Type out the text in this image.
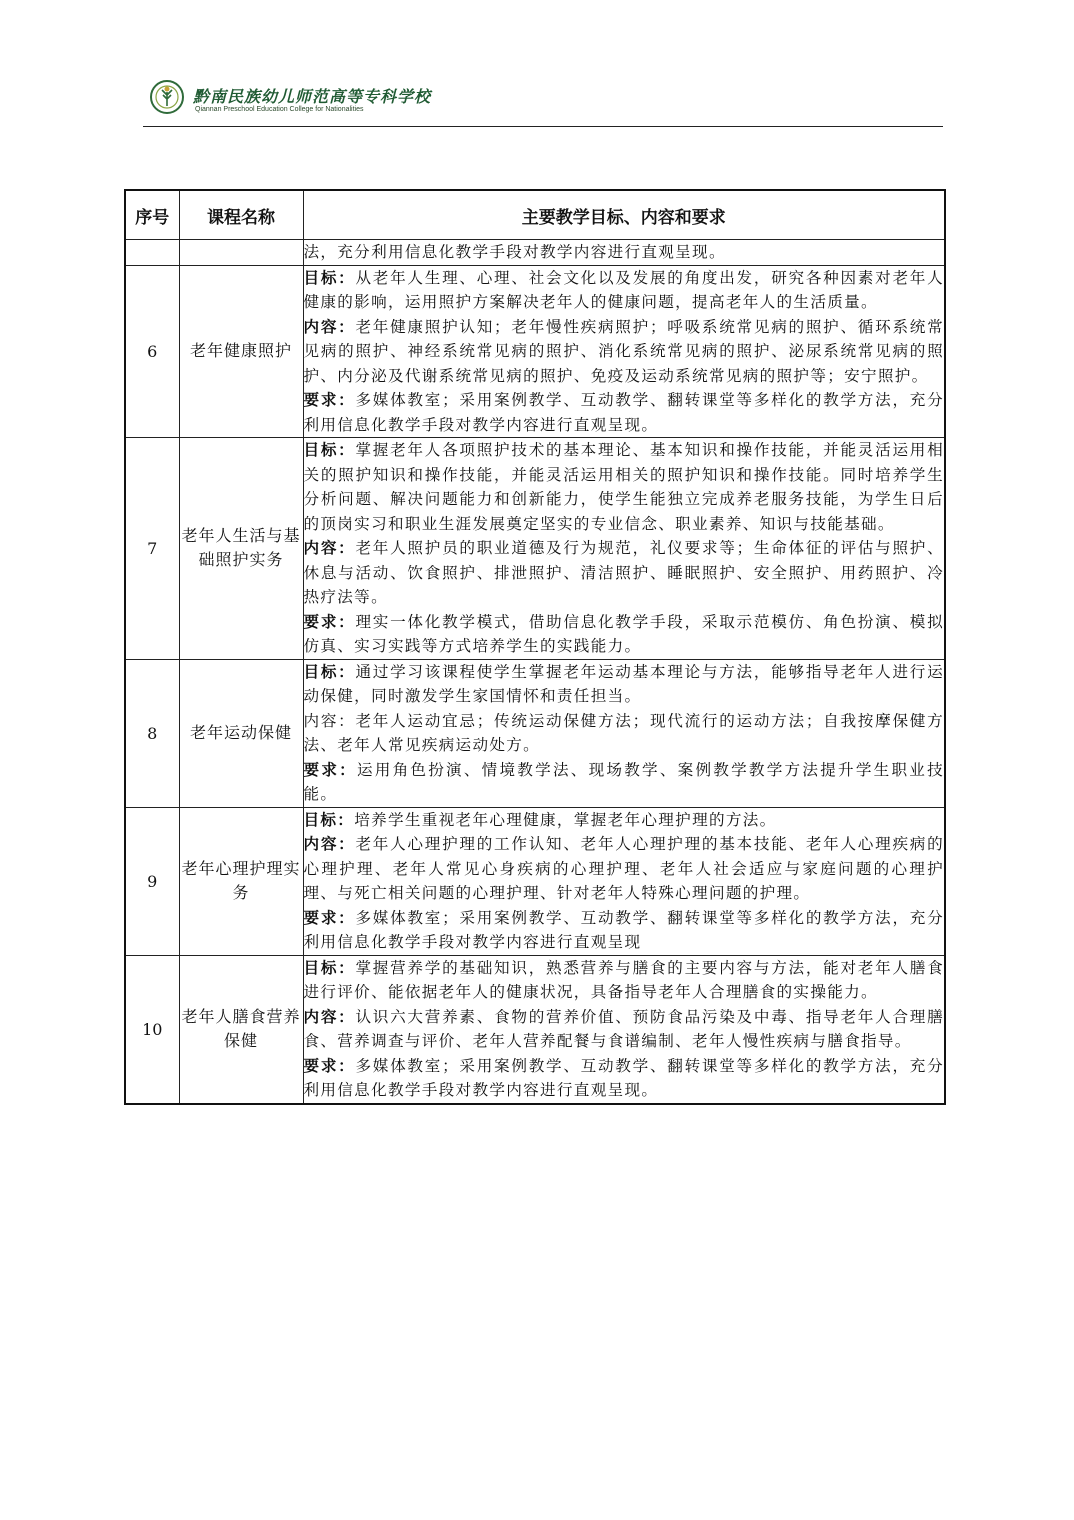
黔南民族幼儿师范高等专科学校
Qiannan Preschool Education College for Nationalities
序号	课程名称	主要教学目标、内容和要求
		法，充分利用信息化教学手段对教学内容进行直观呈现。
6	老年健康照护	目标：从老年人生理、心理、社会文化以及发展的角度出发，研究各种因素对老年人健康的影响，运用照护方案解决老年人的健康问题，提高老年人的生活质量。

内容：老年健康照护认知；老年慢性疾病照护；呼吸系统常见病的照护、循环系统常见病的照护、神经系统常见病的照护、消化系统常见病的照护、泌尿系统常见病的照护、内分泌及代谢系统常见病的照护、免疫及运动系统常见病的照护等；安宁照护。

要求：多媒体教室；采用案例教学、互动教学、翻转课堂等多样化的教学方法，充分利用信息化教学手段对教学内容进行直观呈现。

7	老年人生活与基础照护实务	目标：掌握老年人各项照护技术的基本理论、基本知识和操作技能，并能灵活运用相关的照护知识和操作技能，并能灵活运用相关的照护知识和操作技能。同时培养学生分析问题、解决问题能力和创新能力，使学生能独立完成养老服务技能，为学生日后的顶岗实习和职业生涯发展奠定坚实的专业信念、职业素养、知识与技能基础。

内容：老年人照护员的职业道德及行为规范，礼仪要求等；生命体征的评估与照护、休息与活动、饮食照护、排泄照护、清洁照护、睡眠照护、安全照护、用药照护、冷热疗法等。

要求：理实一体化教学模式，借助信息化教学手段，采取示范模仿、角色扮演、模拟仿真、实习实践等方式培养学生的实践能力。

8	老年运动保健	目标：通过学习该课程使学生掌握老年运动基本理论与方法，能够指导老年人进行运动保健，同时激发学生家国情怀和责任担当。

内容：老年人运动宜忌；传统运动保健方法；现代流行的运动方法；自我按摩保健方法、老年人常见疾病运动处方。

要求：运用角色扮演、情境教学法、现场教学、案例教学教学方法提升学生职业技能。

9	老年心理护理实务	目标：培养学生重视老年心理健康，掌握老年心理护理的方法。

内容：老年人心理护理的工作认知、老年人心理护理的基本技能、老年人心理疾病的心理护理、老年人常见心身疾病的心理护理、老年人社会适应与家庭问题的心理护理、与死亡相关问题的心理护理、针对老年人特殊心理问题的护理。

要求：多媒体教室；采用案例教学、互动教学、翻转课堂等多样化的教学方法，充分利用信息化教学手段对教学内容进行直观呈现

10	老年人膳食营养保健	目标：掌握营养学的基础知识，熟悉营养与膳食的主要内容与方法，能对老年人膳食进行评价、能依据老年人的健康状况，具备指导老年人合理膳食的实操能力。

内容：认识六大营养素、食物的营养价值、预防食品污染及中毒、指导老年人合理膳食、营养调查与评价、老年人营养配餐与食谱编制、老年人慢性疾病与膳食指导。

要求：多媒体教室；采用案例教学、互动教学、翻转课堂等多样化的教学方法，充分利用信息化教学手段对教学内容进行直观呈现。
